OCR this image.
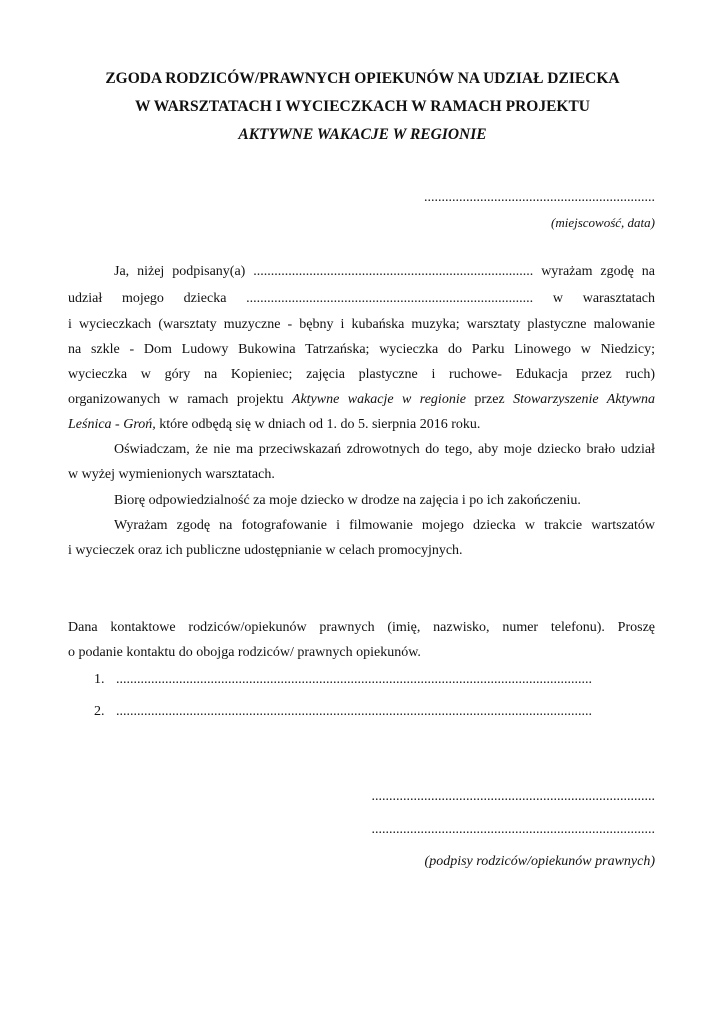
ZGODA RODZICÓW/PRAWNYCH OPIEKUNÓW NA UDZIAŁ DZIECKA
W WARSZTATACH I WYCIECZKACH W RAMACH PROJEKTU
AKTYWNE WAKACJE W REGIONIE
..................................................................
(miejscowość, data)
Ja, niżej podpisany(a) ................................................................................ wyrażam zgodę na
udział mojego dziecka .................................................................................. w warasztatach
i wycieczkach (warsztaty muzyczne - bębny i kubańska muzyka; warsztaty plastyczne malowanie
na szkle - Dom Ludowy Bukowina Tatrzańska; wycieczka do Parku Linowego w Niedzicy;
wycieczka w góry na Kopieniec; zajęcia plastyczne i ruchowe- Edukacja przez ruch)
organizowanych w ramach projektu Aktywne wakacje w regionie przez Stowarzyszenie Aktywna
Leśnica - Groń, które odbędą się w dniach od 1. do 5. sierpnia 2016 roku.
Oświadczam, że nie ma przeciwskazań zdrowotnych do tego, aby moje dziecko brało udział
w wyżej wymienionych warsztatach.
Biorę odpowiedzialność za moje dziecko w drodze na zajęcia i po ich zakończeniu.
Wyrażam zgodę na fotografowanie i filmowanie mojego dziecka w trakcie wartszatów
i wycieczek oraz ich publiczne udostępnianie w celach promocyjnych.
Dana kontaktowe rodziców/opiekunów prawnych (imię, nazwisko, numer telefonu). Proszę
o podanie kontaktu do obojga rodziców/ prawnych opiekunów.
1. ........................................................................................................................................
2. ........................................................................................................................................
.................................................................................
.................................................................................
(podpisy rodziców/opiekunów prawnych)
